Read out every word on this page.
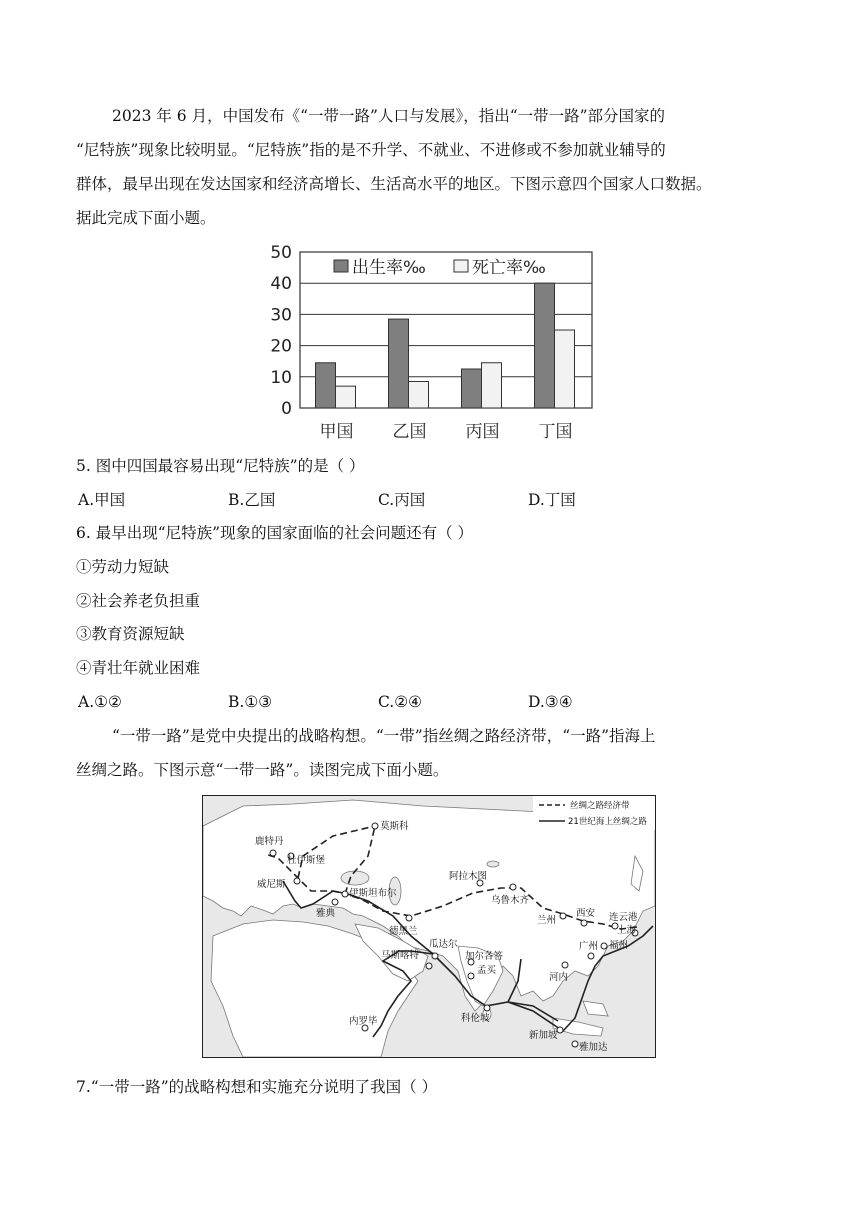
2023 年 6 月，中国发布《“一带一路”人口与发展》，指出“一带一路”部分国家的

“尼特族”现象比较明显。“尼特族”指的是不升学、不就业、不进修或不参加就业辅导的

群体，最早出现在发达国家和经济高增长、生活高水平的地区。下图示意四个国家人口数据。

据此完成下面小题。

0
10
20
30
40
50
甲国 乙国 丙国 丁国
出生率‰	死亡率‰

5. 图中四国最容易出现“尼特族”的是（ ）

A.甲国	B.乙国	C.丙国	D.丁国

6. 最早出现“尼特族”现象的国家面临的社会问题还有（ ）

①劳动力短缺

②社会养老负担重

③教育资源短缺

④青壮年就业困难

A.①②	B.①③	C.②④	D.③④

“一带一路”是党中央提出的战略构想。“一带”指丝绸之路经济带，“一路”指海上

丝绸之路。下图示意“一带一路”。读图完成下面小题。

莫斯科
鹿特丹
杜伊斯堡
威尼斯
伊斯坦布尔
雅典
德黑兰
阿拉木图
乌鲁木齐
兰州
西安 连云港
上海
福州
广州
河内
瓜达尔
马斯喀特	加尔各答
孟买
科伦坡
新加坡
雅加达
内罗毕
丝绸之路经济带
21世纪海上丝绸之路

7.“一带一路”的战略构想和实施充分说明了我国（ ）
